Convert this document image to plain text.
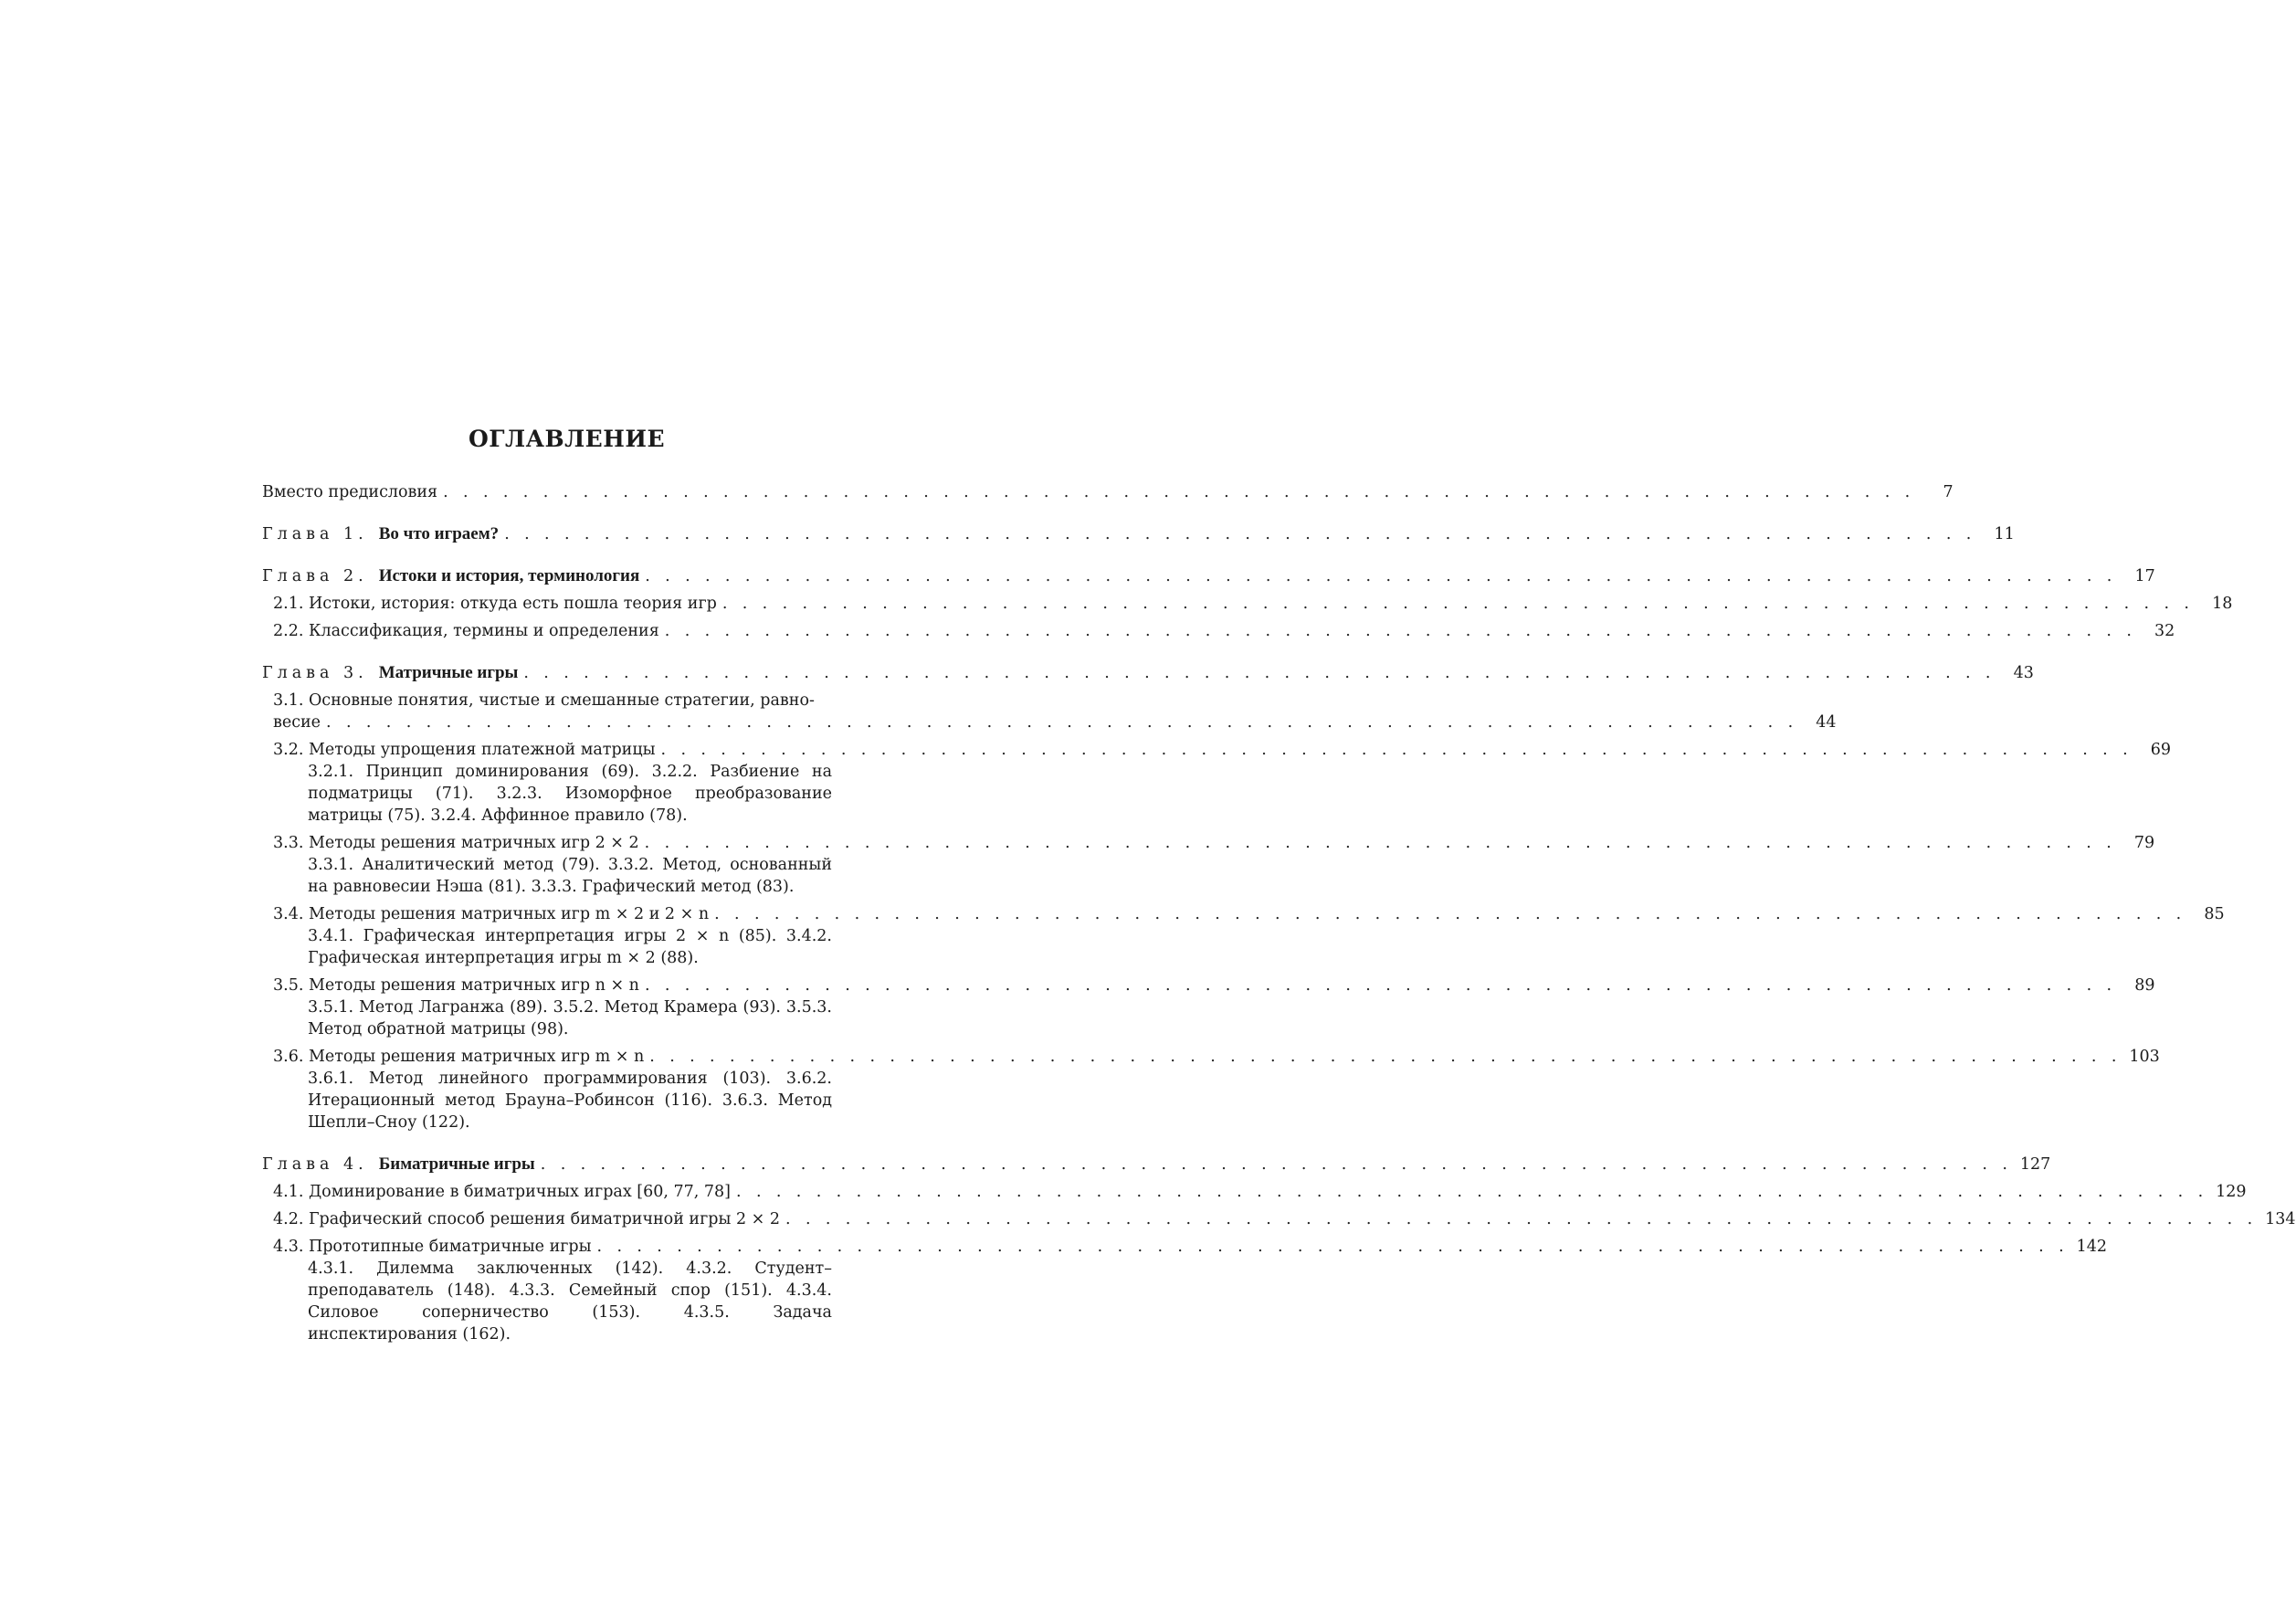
ОГЛАВЛЕНИЕ
Вместо предисловия . . . . . . . . . . . . . . . . . . . . . . . . . . . . . . . . . . . . . . . . . . . . . . . . . . . . . . . . . . . . . . . . . . . . . . . . . .	7
Глава 1. Во что играем? . . . . . . . . . . . . . . . . . . . . . . . . . . . . . . . . . . . . . . . . . . . . . . . . . . . . . . . . . . . . . . . . . . . . . . . . . .	11
Глава 2. Истоки и история, терминология . . . . . . . . . . . . . . . . . . . . . . . . . . . . . . . . . . . . . . . . . . . . . . . . . . . . . . . . . . . . . . . . . . . . . . . . . .	17
2.1. Истоки, история: откуда есть пошла теория игр . . . . . . . . . . . . . . . . . . . . . . . . . . . . . . . . . . . . . . . . . . . . . . . . . . . . . . . . . . . . . . . . . . . . . . . . . .	18
2.2. Классификация, термины и определения . . . . . . . . . . . . . . . . . . . . . . . . . . . . . . . . . . . . . . . . . . . . . . . . . . . . . . . . . . . . . . . . . . . . . . . . . .	32
Глава 3. Матричные игры . . . . . . . . . . . . . . . . . . . . . . . . . . . . . . . . . . . . . . . . . . . . . . . . . . . . . . . . . . . . . . . . . . . . . . . . . .	43
3.1. Основные понятия, чистые и смешанные стратегии, равно-
весие . . . . . . . . . . . . . . . . . . . . . . . . . . . . . . . . . . . . . . . . . . . . . . . . . . . . . . . . . . . . . . . . . . . . . . . . . .	44
3.2. Методы упрощения платежной матрицы . . . . . . . . . . . . . . . . . . . . . . . . . . . . . . . . . . . . . . . . . . . . . . . . . . . . . . . . . . . . . . . . . . . . . . . . . .	69
3.2.1. Принцип доминирования (69). 3.2.2. Разбиение на подматрицы (71). 3.2.3. Изоморфное преобразование матрицы (75). 3.2.4. Аффинное правило (78).
3.3. Методы решения матричных игр 2 × 2 . . . . . . . . . . . . . . . . . . . . . . . . . . . . . . . . . . . . . . . . . . . . . . . . . . . . . . . . . . . . . . . . . . . . . . . . . .	79
3.3.1. Аналитический метод (79). 3.3.2. Метод, основанный на равновесии Нэша (81). 3.3.3. Графический метод (83).
3.4. Методы решения матричных игр m × 2 и 2 × n . . . . . . . . . . . . . . . . . . . . . . . . . . . . . . . . . . . . . . . . . . . . . . . . . . . . . . . . . . . . . . . . . . . . . . . . . .	85
3.4.1. Графическая интерпретация игры 2 × n (85). 3.4.2. Графическая интерпретация игры m × 2 (88).
3.5. Методы решения матричных игр n × n . . . . . . . . . . . . . . . . . . . . . . . . . . . . . . . . . . . . . . . . . . . . . . . . . . . . . . . . . . . . . . . . . . . . . . . . . .	89
3.5.1. Метод Лагранжа (89). 3.5.2. Метод Крамера (93). 3.5.3. Метод обратной матрицы (98).
3.6. Методы решения матричных игр m × n . . . . . . . . . . . . . . . . . . . . . . . . . . . . . . . . . . . . . . . . . . . . . . . . . . . . . . . . . . . . . . . . . . . . . . . . . . 103
3.6.1. Метод линейного программирования (103). 3.6.2. Итерационный метод Брауна–Робинсон (116). 3.6.3. Метод Шепли–Сноу (122).
Глава 4. Биматричные игры . . . . . . . . . . . . . . . . . . . . . . . . . . . . . . . . . . . . . . . . . . . . . . . . . . . . . . . . . . . . . . . . . . . . . . . . . . 127
4.1. Доминирование в биматричных играх [60, 77, 78] . . . . . . . . . . . . . . . . . . . . . . . . . . . . . . . . . . . . . . . . . . . . . . . . . . . . . . . . . . . . . . . . . . . . . . . . . . 129
4.2. Графический способ решения биматричной игры 2 × 2 . . . . . . . . . . . . . . . . . . . . . . . . . . . . . . . . . . . . . . . . . . . . . . . . . . . . . . . . . . . . . . . . . . . . . . . . . . 134
4.3. Прототипные биматричные игры . . . . . . . . . . . . . . . . . . . . . . . . . . . . . . . . . . . . . . . . . . . . . . . . . . . . . . . . . . . . . . . . . . . . . . . . . . 142
4.3.1. Дилемма заключенных (142). 4.3.2. Студент–преподаватель (148). 4.3.3. Семейный спор (151). 4.3.4. Силовое соперничество (153). 4.3.5. Задача инспектирования (162).
